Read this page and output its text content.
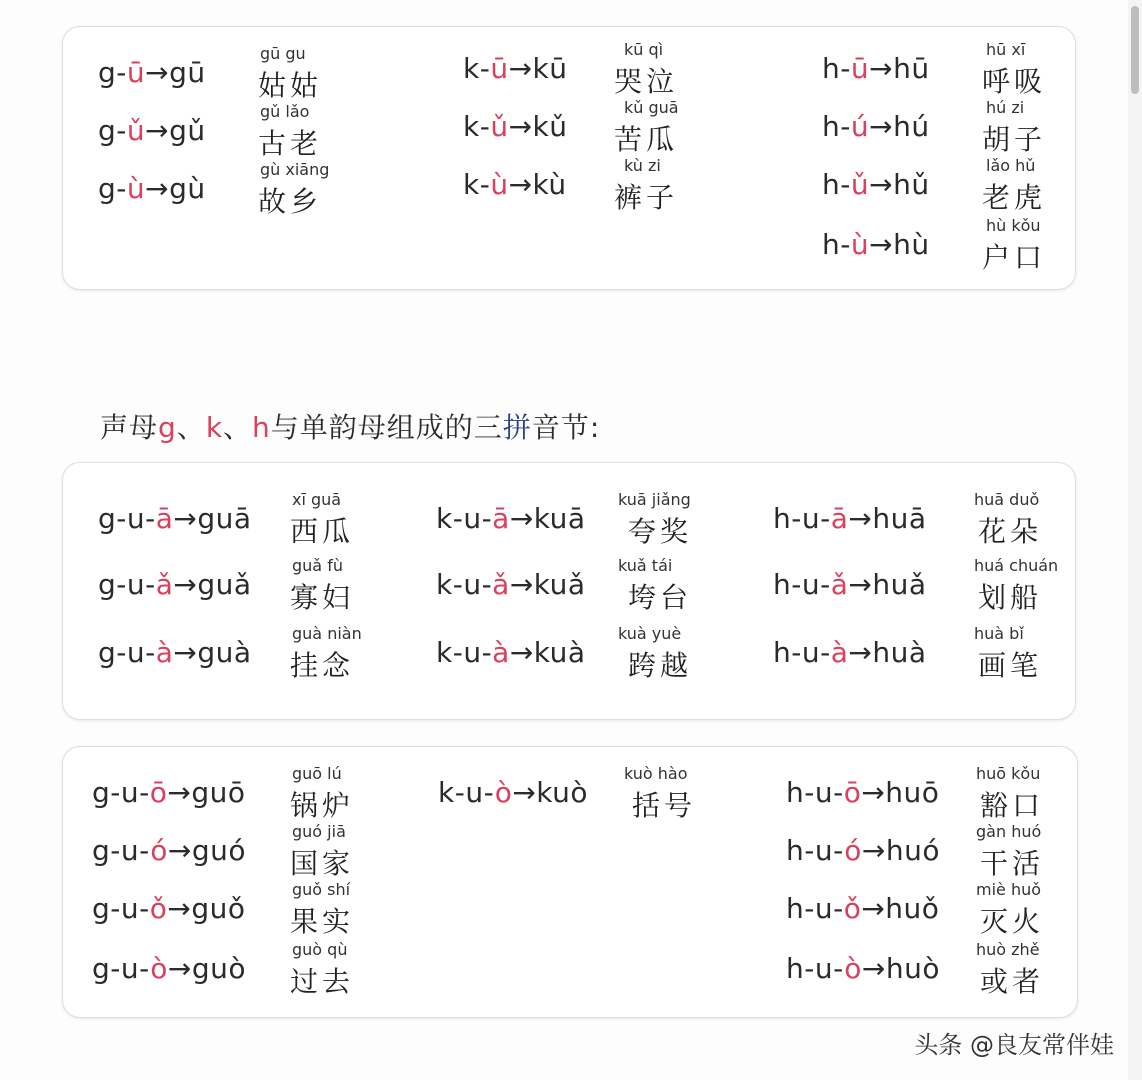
g-ū→gū
gū gu
姑姑
g-ǔ→gǔ
gǔ lǎo
古老
g-ù→gù
gù xiāng
故乡
k-ū→kū
kū qì
哭泣
k-ǔ→kǔ
kǔ guā
苦瓜
k-ù→kù
kù zi
裤子
h-ū→hū
hū xī
呼吸
h-ú→hú
hú zi
胡子
h-ǔ→hǔ
lǎo hǔ
老虎
h-ù→hù
hù kǒu
户口
声母g、k、h与单韵母组成的三拼音节:
g-u-ā→guā
xī guā
西瓜
g-u-ǎ→guǎ
guǎ fù
寡妇
g-u-à→guà
guà niàn
挂念
k-u-ā→kuā
kuā jiǎng
夸奖
k-u-ǎ→kuǎ
kuǎ tái
垮台
k-u-à→kuà
kuà yuè
跨越
h-u-ā→huā
huā duǒ
花朵
h-u-ǎ→huǎ
huá chuán
划船
h-u-à→huà
huà bǐ
画笔
g-u-ō→guō
guō lú
锅炉
g-u-ó→guó
guó jiā
国家
g-u-ǒ→guǒ
guǒ shí
果实
g-u-ò→guò
guò qù
过去
k-u-ò→kuò
kuò hào
括号	h-u-ō→huō
huō kǒu
豁口
h-u-ó→huó
gàn huó
干活
h-u-ǒ→huǒ
miè huǒ
灭火
h-u-ò→huò
huò zhě
或者
头条 @良友常伴娃
